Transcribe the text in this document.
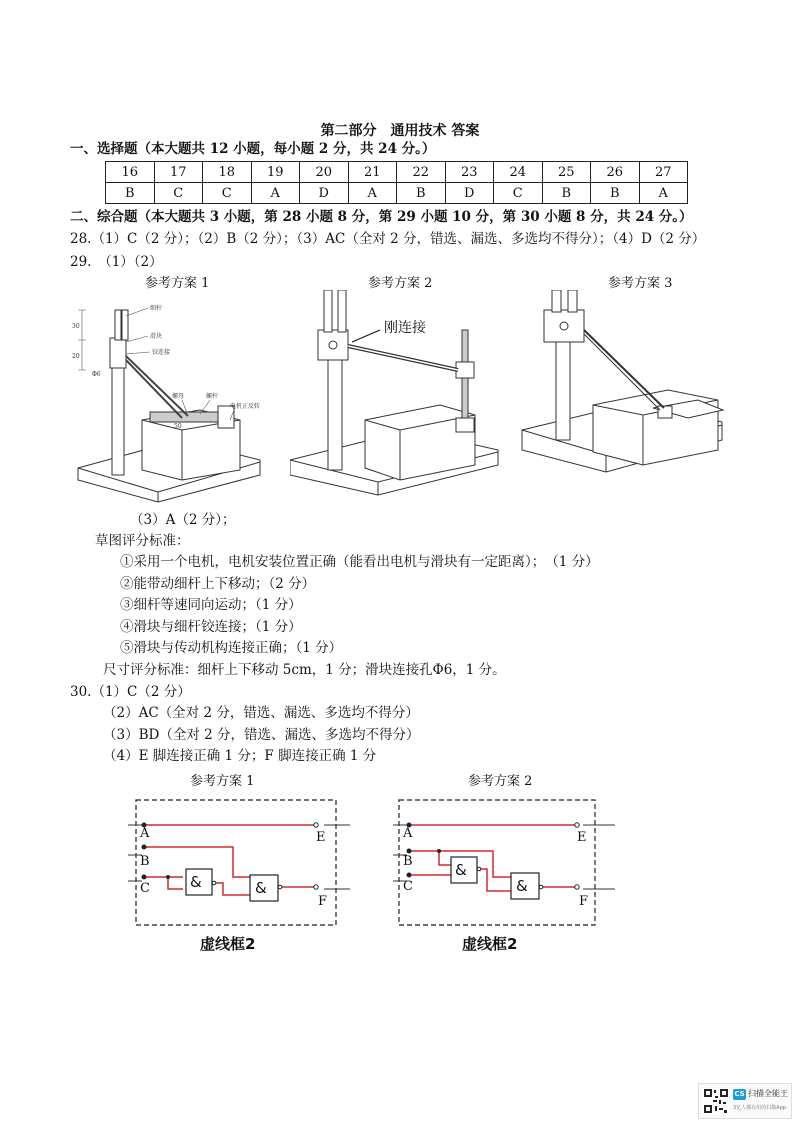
第二部分　通用技术 答案
一、选择题（本大题共 12 小题，每小题 2 分，共 24 分。）
16	17	18	19	20	21	22	23	24	25	26	27
B	C	C	A	D	A	B	D	C	B	B	A
二、综合题（本大题共 3 小题，第 28 小题 8 分，第 29 小题 10 分，第 30 小题 8 分，共 24 分。）
28.（1）C（2 分）；（2）B（2 分）；（3）AC（全对 2 分，错选、漏选、多选均不得分）；（4）D（2 分）
29.　（1）（2）
参考方案 1	参考方案 2	参考方案 3
细杆
滑块
铰连接
螺母	螺杆
电机正反转
30
20
Φ6
50
刚连接
（3）A（2 分）；
草图评分标准：
①采用一个电机，电机安装位置正确（能看出电机与滑块有一定距离）；　（1 分）
②能带动细杆上下移动；（2 分）
③细杆等速同向运动；（1 分）
④滑块与细杆铰连接；（1 分）
⑤滑块与传动机构连接正确；（1 分）
尺寸评分标准：细杆上下移动 5cm，1 分；滑块连接孔Φ6，1 分。
30.（1）C（2 分）
（2）AC（全对 2 分，错选、漏选、多选均不得分）
（3）BD（全对 2 分，错选、漏选、多选均不得分）
（4）E 脚连接正确 1 分；F 脚连接正确 1 分
参考方案 1	参考方案 2
&	&
A
B
C
E
F
虚线框2
&
&
A
B
C
E
F
虚线框2
CS 扫描全能王
3亿人都在用的扫描App
